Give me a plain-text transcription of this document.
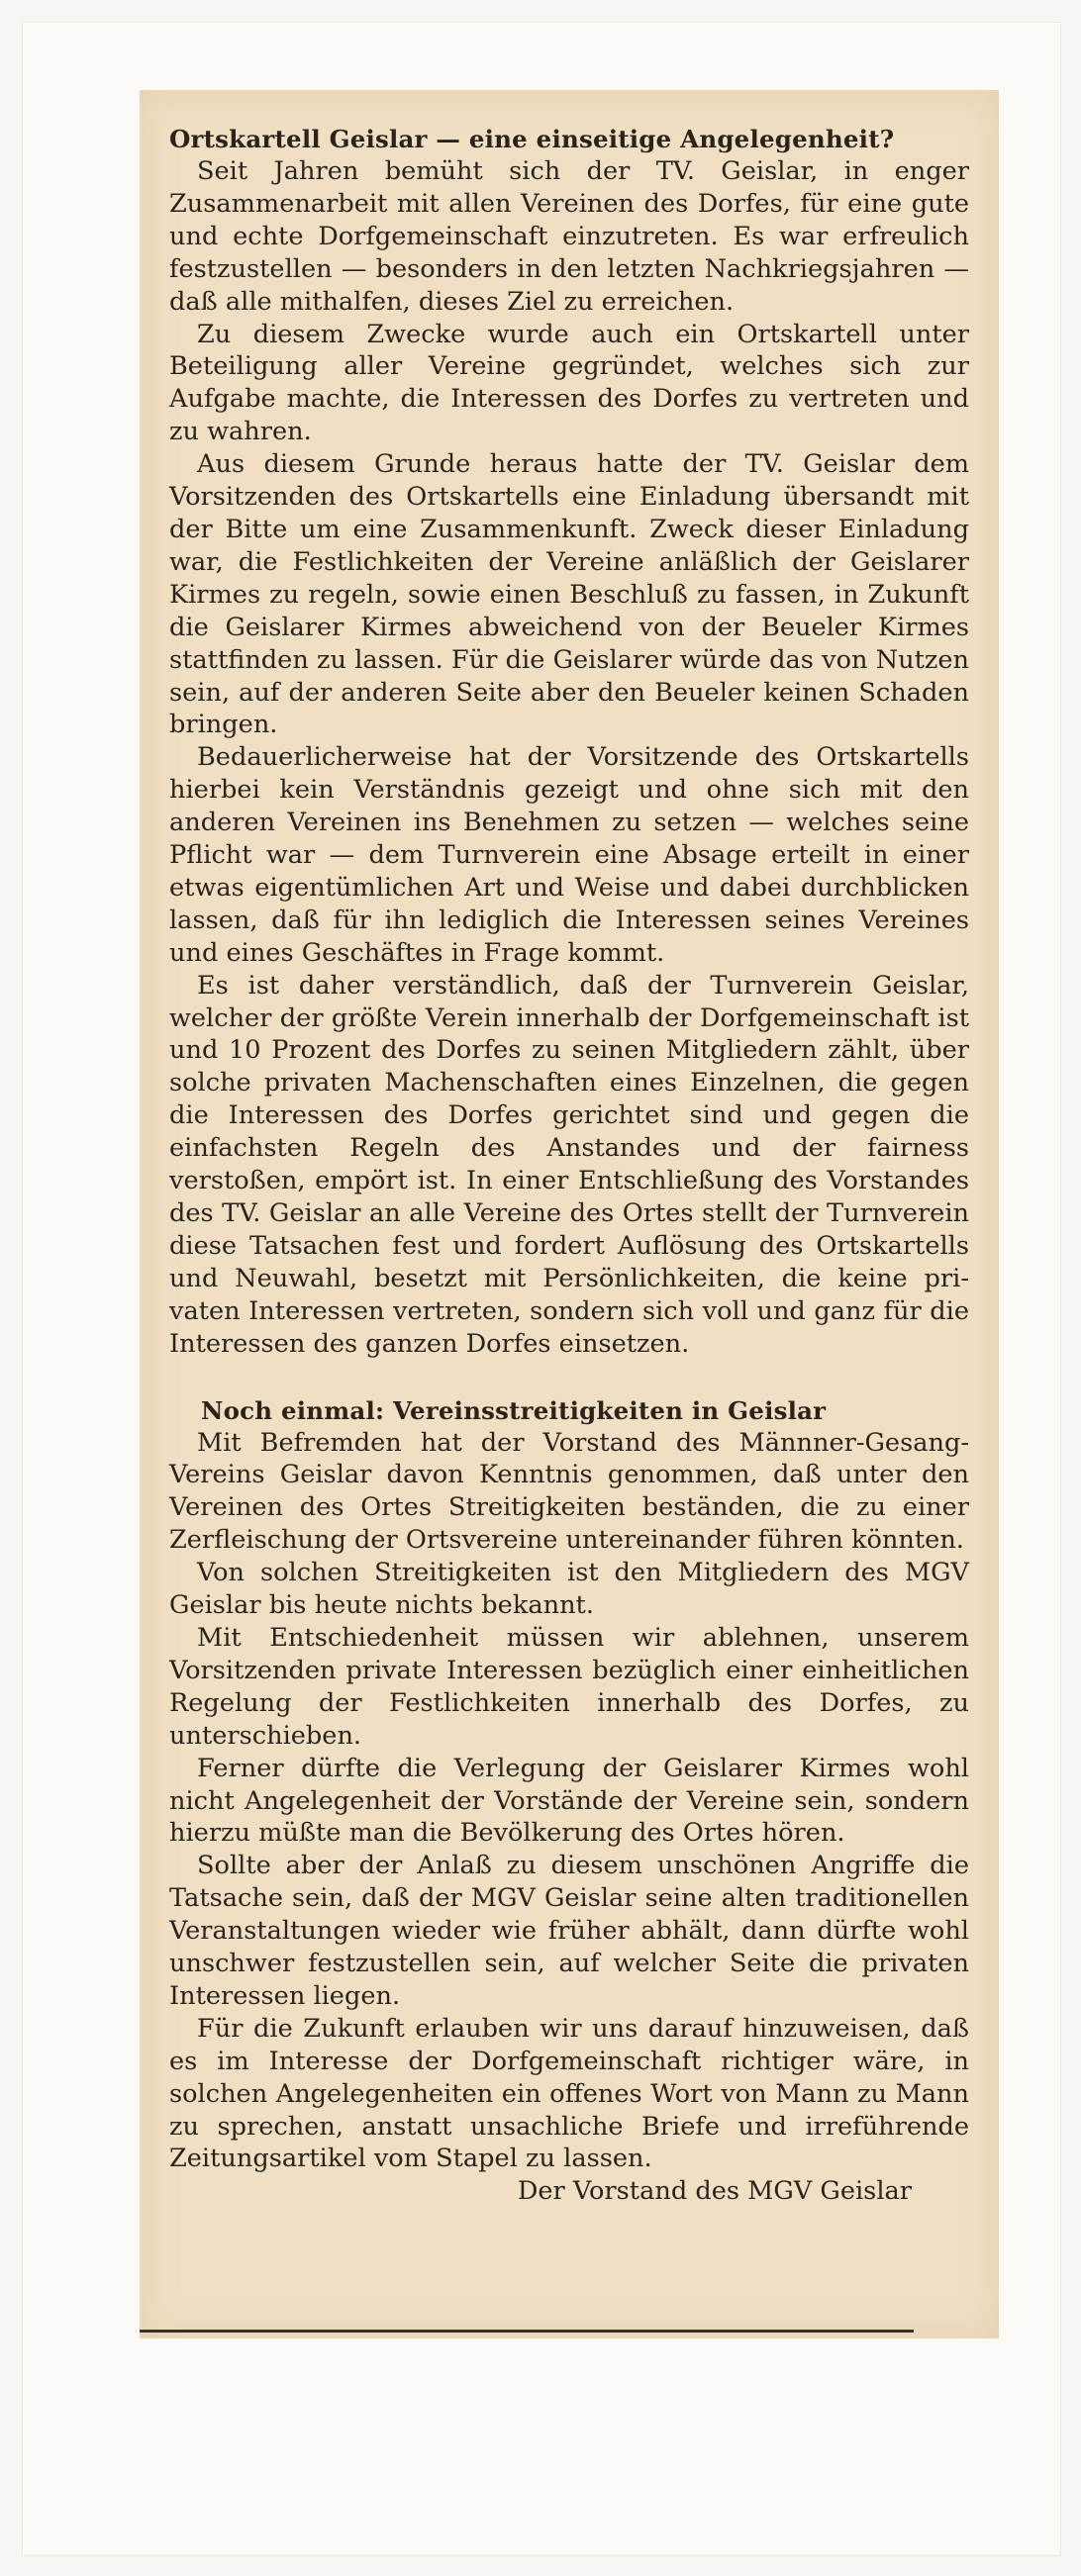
Ortskartell Geislar — eine einseitige Angelegenheit?

Seit Jahren bemüht sich der TV. Geislar, in enger Zusammenarbeit mit allen Vereinen des Dorfes, für eine gute und echte Dorfgemeinschaft einzutreten. Es war erfreulich festzustellen — besonders in den letzten Nachkriegsjahren — daß alle mithalfen, dieses Ziel zu erreichen.

Zu diesem Zwecke wurde auch ein Ortskartell unter Beteiligung aller Vereine gegründet, welches sich zur Aufgabe machte, die Interessen des Dorfes zu vertreten und zu wahren.

Aus diesem Grunde heraus hatte der TV. Geislar dem Vorsitzenden des Ortskartells eine Einladung übersandt mit der Bitte um eine Zusammenkunft. Zweck dieser Einladung war, die Festlichkeiten der Vereine anläßlich der Geislarer Kirmes zu regeln, sowie einen Beschluß zu fassen, in Zukunft die Geislarer Kirmes abweichend von der Beueler Kirmes stattfinden zu lassen. Für die Geislarer würde das von Nutzen sein, auf der anderen Seite aber den Beueler keinen Schaden bringen.

Bedauerlicherweise hat der Vorsitzende des Ortskartells hierbei kein Verständnis gezeigt und ohne sich mit den anderen Vereinen ins Benehmen zu setzen — welches seine Pflicht war — dem Turnverein eine Absage erteilt in einer etwas eigentümlichen Art und Weise und dabei durchblicken lassen, daß für ihn lediglich die Interessen seines Vereines und eines Geschäftes in Frage kommt.

Es ist daher verständlich, daß der Turnverein Geislar, welcher der größte Verein innerhalb der Dorfgemeinschaft ist und 10 Prozent des Dorfes zu seinen Mitgliedern zählt, über solche privaten Machenschaften eines Einzelnen, die gegen die Interessen des Dorfes gerichtet sind und gegen die einfachsten Regeln des Anstandes und der fairness verstoßen, empört ist. In einer Entschließung des Vorstandes des TV. Geislar an alle Vereine des Ortes stellt der Turnverein diese Tatsachen fest und fordert Auflösung des Ortskartells und Neuwahl, besetzt mit Persönlichkeiten, die keine privaten Interessen vertreten, sondern sich voll und ganz für die Interessen des ganzen Dorfes einsetzen.

Noch einmal: Vereinsstreitigkeiten in Geislar

Mit Befremden hat der Vorstand des Männner-Gesang-Vereins Geislar davon Kenntnis genommen, daß unter den Vereinen des Ortes Streitigkeiten beständen, die zu einer Zerfleischung der Ortsvereine untereinander führen könnten.

Von solchen Streitigkeiten ist den Mitgliedern des MGV Geislar bis heute nichts bekannt.

Mit Entschiedenheit müssen wir ablehnen, unserem Vorsitzenden private Interessen bezüglich einer einheitlichen Regelung der Festlichkeiten innerhalb des Dorfes, zu unterschieben.

Ferner dürfte die Verlegung der Geislarer Kirmes wohl nicht Angelegenheit der Vorstände der Vereine sein, sondern hierzu müßte man die Bevölkerung des Ortes hören.

Sollte aber der Anlaß zu diesem unschönen Angriffe die Tatsache sein, daß der MGV Geislar seine alten traditionellen Veranstaltungen wieder wie früher abhält, dann dürfte wohl unschwer festzustellen sein, auf welcher Seite die privaten Interessen liegen.

Für die Zukunft erlauben wir uns darauf hinzuweisen, daß es im Interesse der Dorfgemeinschaft richtiger wäre, in solchen Angelegenheiten ein offenes Wort von Mann zu Mann zu sprechen, anstatt unsachliche Briefe und irreführende Zeitungsartikel vom Stapel zu lassen.

Der Vorstand des MGV Geislar
